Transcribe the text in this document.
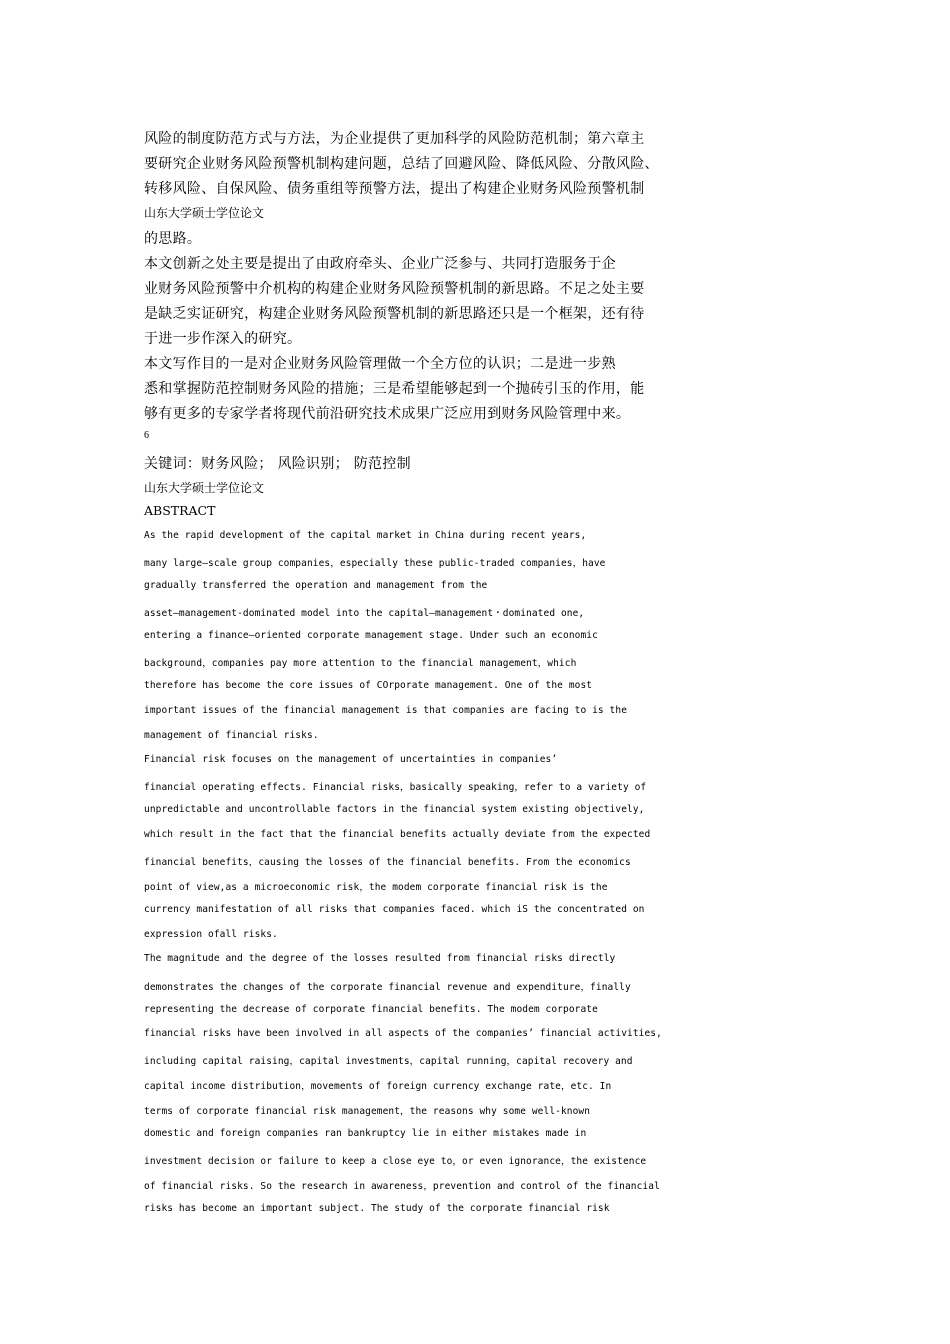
风险的制度防范方式与方法，为企业提供了更加科学的风险防范机制；第六章主
要研究企业财务风险预警机制构建问题，总结了回避风险、降低风险、分散风险、
转移风险、自保风险、债务重组等预警方法，提出了构建企业财务风险预警机制
山东大学硕士学位论文
的思路。
本文创新之处主要是提出了由政府牵头、企业广泛参与、共同打造服务于企
业财务风险预警中介机构的构建企业财务风险预警机制的新思路。不足之处主要
是缺乏实证研究，构建企业财务风险预警机制的新思路还只是一个框架，还有待
于进一步作深入的研究。
本文写作目的一是对企业财务风险管理做一个全方位的认识；二是进一步熟
悉和掌握防范控制财务风险的措施；三是希望能够起到一个抛砖引玉的作用，能
够有更多的专家学者将现代前沿研究技术成果广泛应用到财务风险管理中来。
6
关键词：财务风险； 风险识别； 防范控制
山东大学硕士学位论文
ABSTRACT
As the rapid development of the capital market in China during recent years,
many large—scale group companies，especially these public-traded companies，have
gradually transferred the operation and management from the
asset—management-dominated model into the capital—management・dominated one,
entering a finance—oriented corporate management stage. Under such an economic
background，companies pay more attention to the financial management，which
therefore has become the core issues of COrporate management. One of the most
important issues of the financial management is that companies are facing to is the
management of financial risks.
Financial risk focuses on the management of uncertainties in companies’
financial operating effects. Financial risks，basically speaking，refer to a variety of
unpredictable and uncontrollable factors in the financial system existing objectively,
which result in the fact that the financial benefits actually deviate from the expected
financial benefits，causing the losses of the financial benefits. From the economics
point of view,as a microeconomic risk，the modem corporate financial risk is the
currency manifestation of all risks that companies faced. which iS the concentrated on
expression ofall risks.
The magnitude and the degree of the losses resulted from financial risks directly
demonstrates the changes of the corporate financial revenue and expenditure，finally
representing the decrease of corporate financial benefits. The modem corporate
financial risks have been involved in all aspects of the companies’ financial activities,
including capital raising，capital investments，capital running，capital recovery and
capital income distribution，movements of foreign currency exchange rate，etc. In
terms of corporate financial risk management，the reasons why some well-known
domestic and foreign companies ran bankruptcy lie in either mistakes made in
investment decision or failure to keep a close eye to，or even ignorance，the existence
of financial risks. So the research in awareness，prevention and control of the financial
risks has become an important subject. The study of the corporate financial risk
